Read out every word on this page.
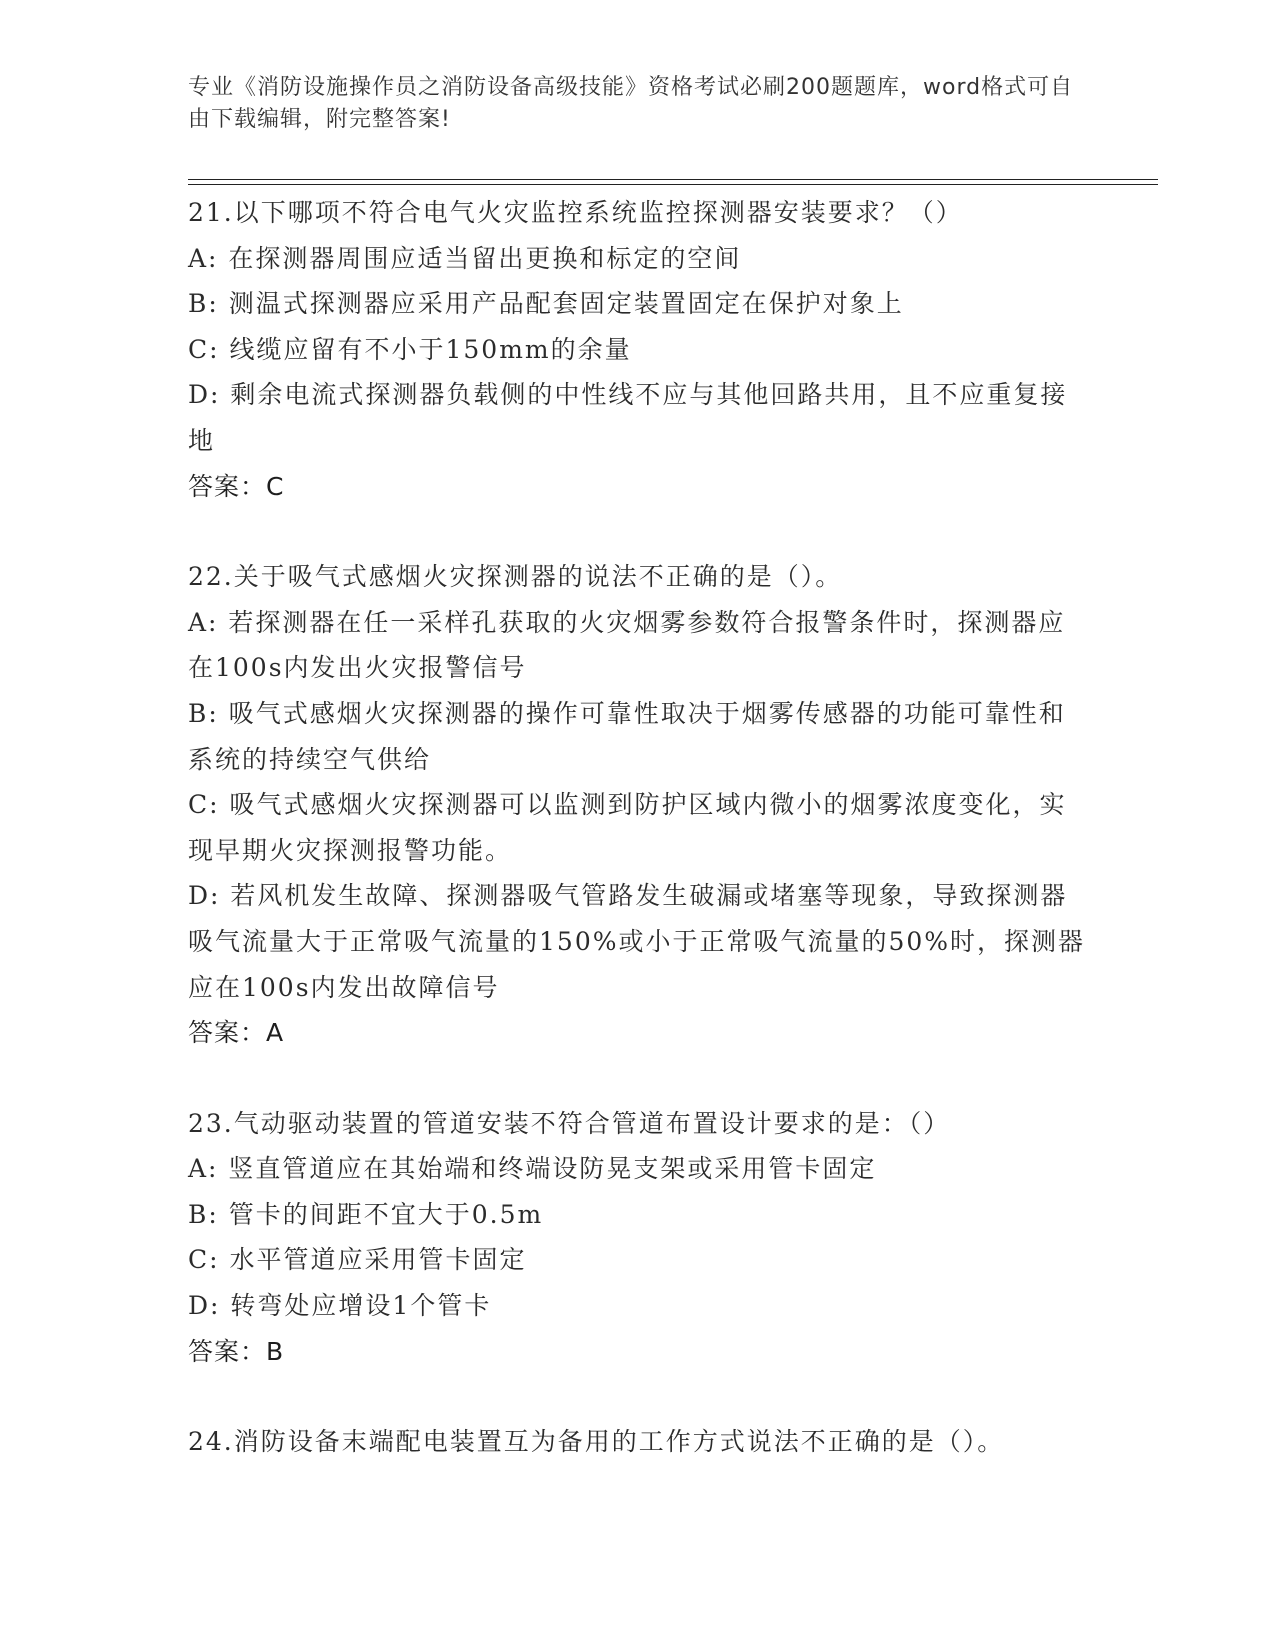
专业《消防设施操作员之消防设备高级技能》资格考试必刷200题题库，word格式可自由下载编辑，附完整答案!
21.以下哪项不符合电气火灾监控系统监控探测器安装要求？（）
A: 在探测器周围应适当留出更换和标定的空间
B: 测温式探测器应采用产品配套固定装置固定在保护对象上
C: 线缆应留有不小于150mm的余量
D: 剩余电流式探测器负载侧的中性线不应与其他回路共用，且不应重复接地
答案：C
22.关于吸气式感烟火灾探测器的说法不正确的是（）。
A: 若探测器在任一采样孔获取的火灾烟雾参数符合报警条件时，探测器应在100s内发出火灾报警信号
B: 吸气式感烟火灾探测器的操作可靠性取决于烟雾传感器的功能可靠性和系统的持续空气供给
C: 吸气式感烟火灾探测器可以监测到防护区域内微小的烟雾浓度变化，实现早期火灾探测报警功能。
D: 若风机发生故障、探测器吸气管路发生破漏或堵塞等现象，导致探测器吸气流量大于正常吸气流量的150%或小于正常吸气流量的50%时，探测器应在100s内发出故障信号
答案：A
23.气动驱动装置的管道安装不符合管道布置设计要求的是：（）
A: 竖直管道应在其始端和终端设防晃支架或采用管卡固定
B: 管卡的间距不宜大于0.5m
C: 水平管道应采用管卡固定
D: 转弯处应增设1个管卡
答案：B
24.消防设备末端配电装置互为备用的工作方式说法不正确的是（）。
